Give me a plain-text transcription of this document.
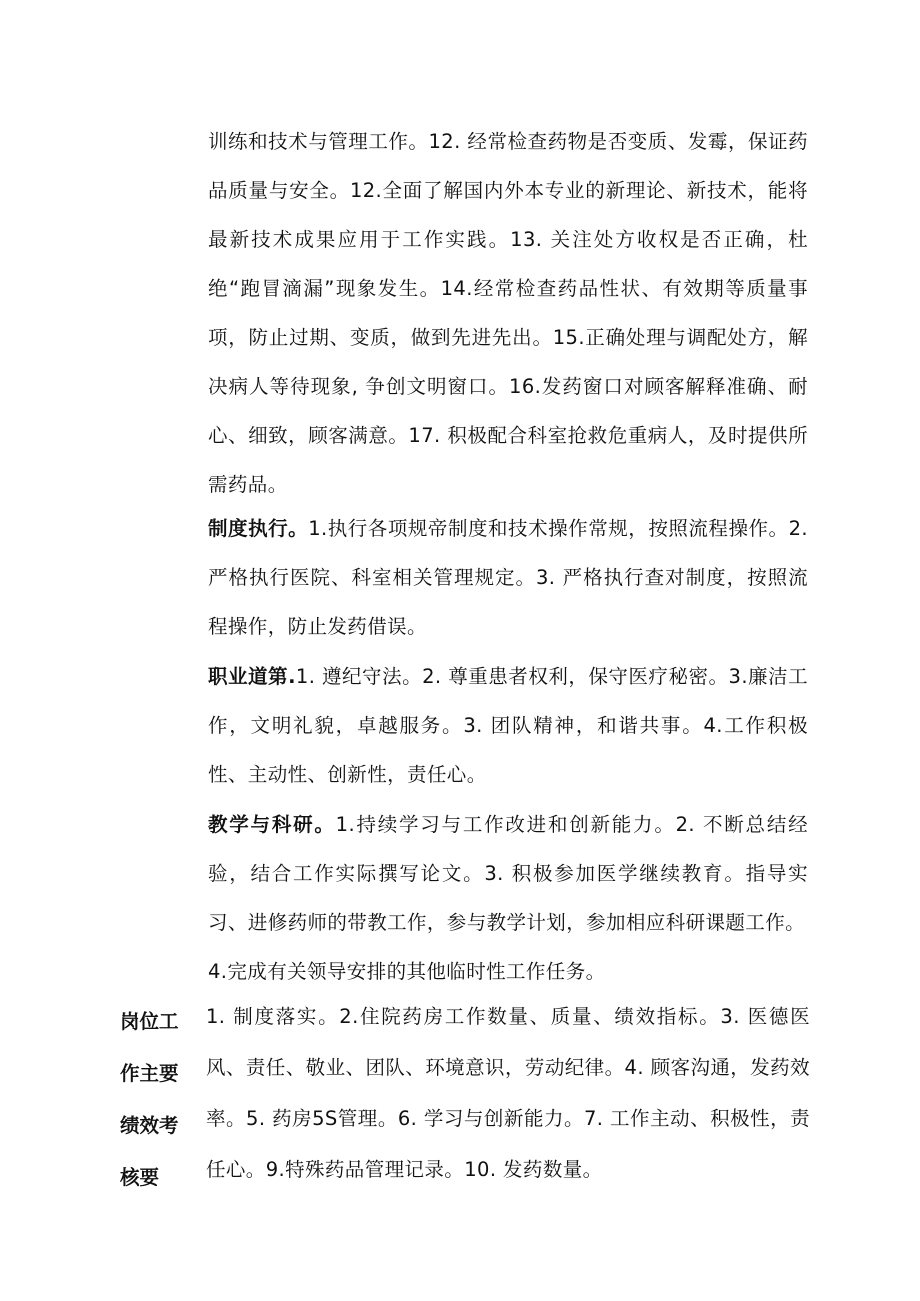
训练和技术与管理工作。12. 经常检查药物是否变质、发霉，保证药品质量与安全。12.全面了解国内外本专业的新理论、新技术，能将最新技术成果应用于工作实践。13. 关注处方收权是否正确，杜绝“跑冒滴漏”现象发生。14.经常检查药品性状、有效期等质量事项，防止过期、变质，做到先进先出。15.正确处理与调配处方，解决病人等待现象, 争创文明窗口。16.发药窗口对顾客解释准确、耐心、细致，顾客满意。17. 积极配合科室抢救危重病人，及时提供所需药品。
制度执行。1.执行各项规帝制度和技术操作常规，按照流程操作。2. 严格执行医院、科室相关管理规定。3. 严格执行查对制度，按照流程操作，防止发药借误。
职业道第.1. 遵纪守法。2. 尊重患者权利，保守医疗秘密。3.廉洁工作，文明礼貌，卓越服务。3. 团队精神，和谐共事。4.工作积极性、主动性、创新性，责任心。
教学与科研。1.持续学习与工作改进和创新能力。2. 不断总结经验，结合工作实际撰写论文。3. 积极参加医学继续教育。指导实习、进修药师的带教工作，参与教学计划，参加相应科研课题工作。
4.完成有关领导安排的其他临时性工作任务。
岗位工作主要绩效考核要
1. 制度落实。2.住院药房工作数量、质量、绩效指标。3. 医德医风、责任、敬业、团队、环境意识，劳动纪律。4. 顾客沟通，发药效率。5. 药房5S管理。6. 学习与创新能力。7. 工作主动、积极性，责任心。9.特殊药品管理记录。10. 发药数量。
